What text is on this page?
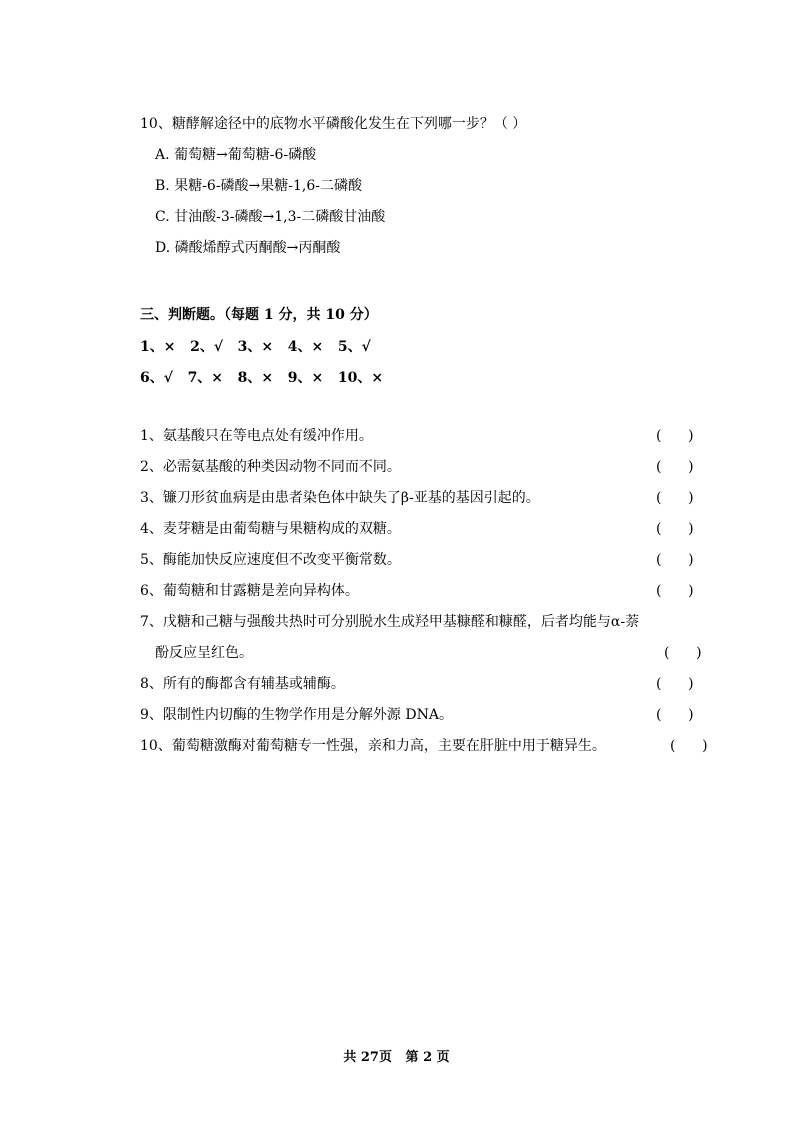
10、糖酵解途径中的底物水平磷酸化发生在下列哪一步？（ ）
A. 葡萄糖→葡萄糖-6-磷酸
B. 果糖-6-磷酸→果糖-1,6-二磷酸
C. 甘油酸-3-磷酸→1,3-二磷酸甘油酸
D. 磷酸烯醇式丙酮酸→丙酮酸
三、判断题。（每题 1 分，共 10 分）
1、×   2、√   3、×   4、×   5、√
6、√   7、×   8、×   9、×   10、×
1、氨基酸只在等电点处有缓冲作用。	(      )
2、必需氨基酸的种类因动物不同而不同。	(      )
3、镰刀形贫血病是由患者染色体中缺失了β-亚基的基因引起的。	(      )
4、麦芽糖是由葡萄糖与果糖构成的双糖。	(      )
5、酶能加快反应速度但不改变平衡常数。	(      )
6、葡萄糖和甘露糖是差向异构体。	(      )
7、戊糖和己糖与强酸共热时可分别脱水生成羟甲基糠醛和糠醛，后者均能与α-萘
酚反应呈红色。	(      )
8、所有的酶都含有辅基或辅酶。	(      )
9、限制性内切酶的生物学作用是分解外源 DNA。	(      )
10、葡萄糖激酶对葡萄糖专一性强，亲和力高，主要在肝脏中用于糖异生。	(      )
共 27页   第 2 页
